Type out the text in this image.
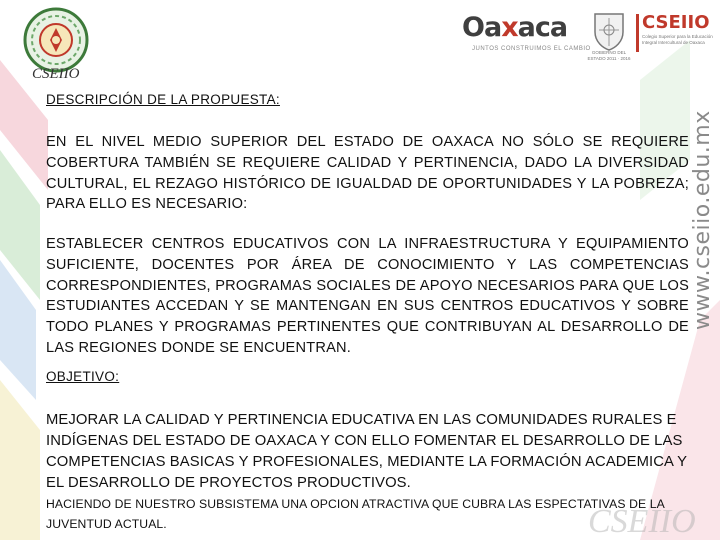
CSEIIO
Oaxaca
JUNTOS CONSTRUIMOS EL CAMBIO
GOBIERNO DEL ESTADO 2011 · 2016
CSEIIO
Colegio Superior para la Educación Integral Intercultural de Oaxaca
www.cseiio.edu.mx
CSEIIO
DESCRIPCIÓN DE LA PROPUESTA:
EN EL NIVEL MEDIO SUPERIOR DEL ESTADO DE OAXACA NO SÓLO SE REQUIERE COBERTURA TAMBIÉN SE REQUIERE CALIDAD Y PERTINENCIA, DADO LA DIVERSIDAD CULTURAL, EL REZAGO HISTÓRICO DE IGUALDAD DE OPORTUNIDADES Y LA POBREZA; PARA ELLO ES NECESARIO:
ESTABLECER CENTROS EDUCATIVOS CON LA INFRAESTRUCTURA Y EQUIPAMIENTO SUFICIENTE, DOCENTES POR ÁREA DE CONOCIMIENTO Y LAS COMPETENCIAS CORRESPONDIENTES, PROGRAMAS SOCIALES DE APOYO NECESARIOS PARA QUE LOS ESTUDIANTES ACCEDAN Y SE MANTENGAN EN SUS CENTROS EDUCATIVOS Y SOBRE TODO PLANES Y PROGRAMAS PERTINENTES QUE CONTRIBUYAN AL DESARROLLO DE LAS REGIONES DONDE SE ENCUENTRAN.
OBJETIVO:
MEJORAR LA CALIDAD Y PERTINENCIA EDUCATIVA EN LAS COMUNIDADES RURALES E INDÍGENAS DEL ESTADO DE OAXACA Y CON ELLO FOMENTAR EL DESARROLLO DE LAS COMPETENCIAS BASICAS Y PROFESIONALES, MEDIANTE LA FORMACIÓN ACADEMICA Y EL DESARROLLO DE PROYECTOS PRODUCTIVOS.
HACIENDO DE NUESTRO SUBSISTEMA UNA OPCION ATRACTIVA QUE CUBRA LAS ESPECTATIVAS DE LA JUVENTUD ACTUAL.
